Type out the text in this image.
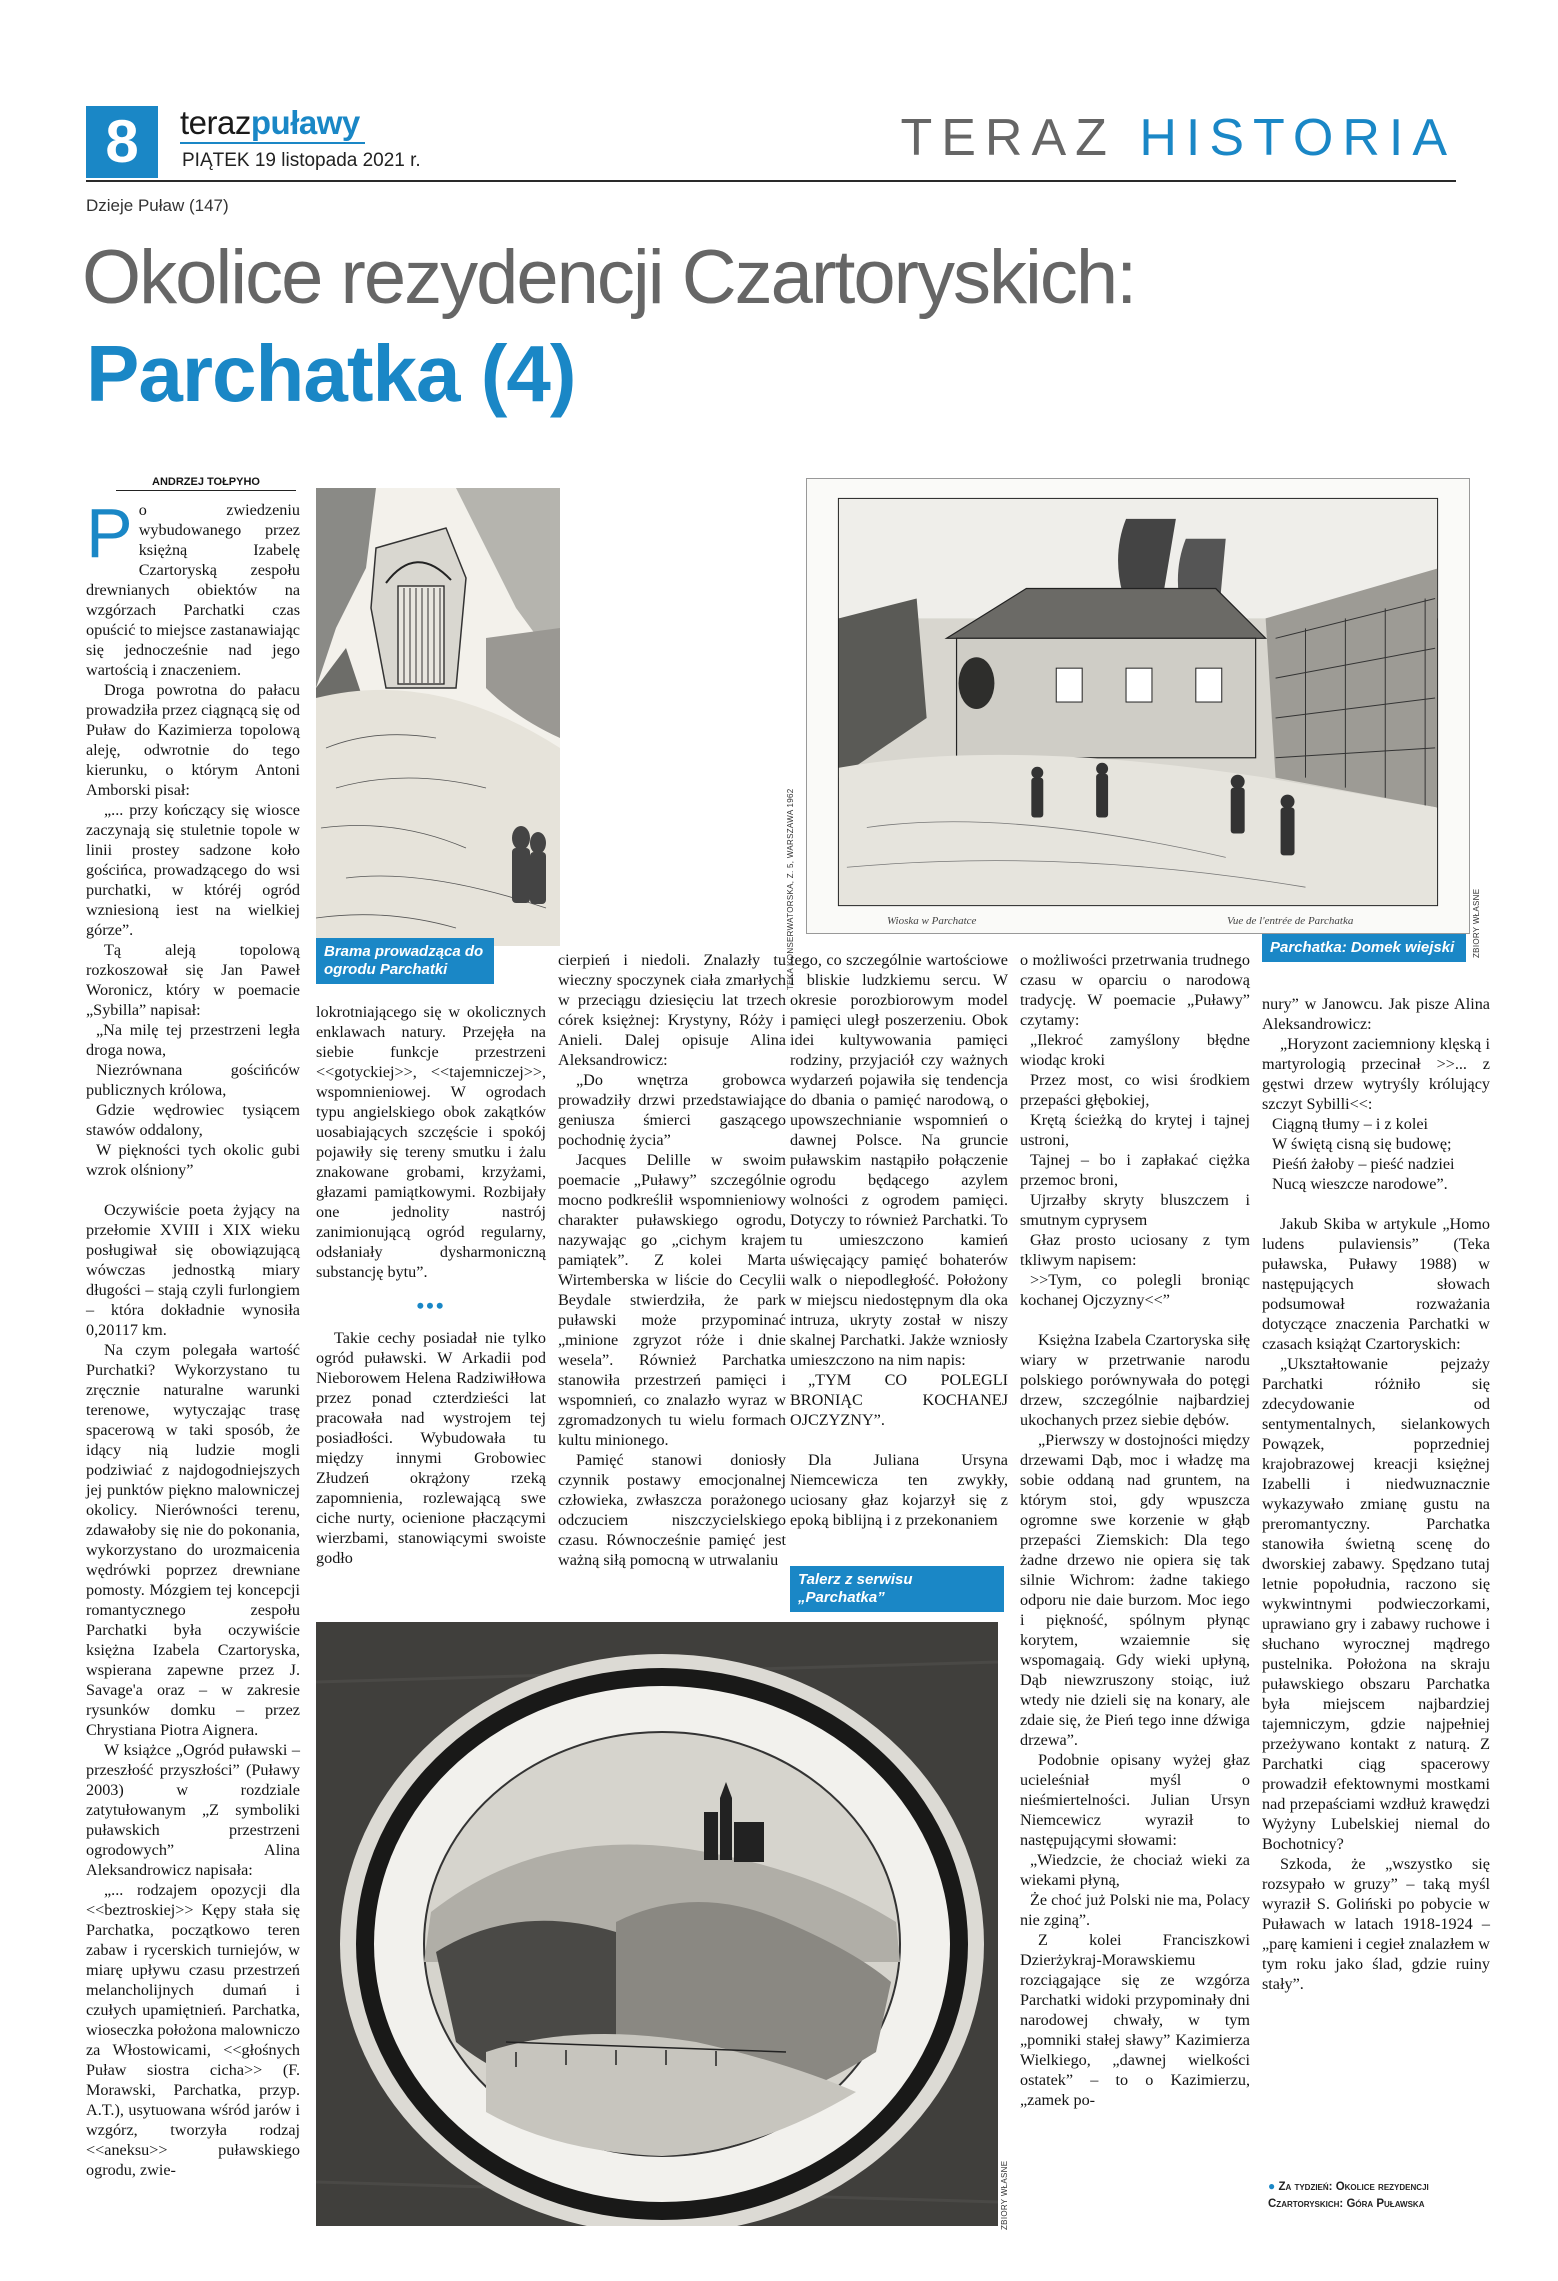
8	terazpuławy
PIĄTEK 19 listopada 2021 r.	TERAZ HISTORIA
Dzieje Puław (147)
Okolice rezydencji Czartoryskich:
Parchatka (4)
Brama prowadząca do ogrodu Parchatki
Wioska w Parchatce	Vue de l'entrée de Parchatka
TEKA KONSERWATORSKA, Z. 5, WARSZAWA 1962	ZBIORY WŁASNE
Parchatka: Domek wiejski
Talerz z serwisu „Parchatka”
ZBIORY WŁASNE
ANDRZEJ TOŁPYHO

Po zwiedzeniu wybudowanego przez księżną Izabelę Czartoryską zespołu drewnianych obiektów na wzgórzach Parchatki czas opuścić to miejsce zastanawiając się jednocześnie nad jego wartością i znaczeniem.

Droga powrotna do pałacu prowadziła przez ciągnącą się od Puław do Kazimierza topolową aleję, odwrotnie do tego kierunku, o którym Antoni Amborski pisał:

„... przy kończący się wiosce zaczynają się stuletnie topole w linii prostey sadzone koło gościńca, prowadzącego do wsi purchatki, w któréj ogród wzniesioną iest na wielkiej górze”.

Tą aleją topolową rozkoszował się Jan Paweł Woronicz, który w poemacie „Sybilla” napisał:

„Na milę tej przestrzeni legła droga nowa,

Niezrównana gościńców publicznych królowa,

Gdzie wędrowiec tysiącem stawów oddalony,

W piękności tych okolic gubi wzrok olśniony”

Oczywiście poeta żyjący na przełomie XVIII i XIX wieku posługiwał się obowiązującą wówczas jednostką miary długości – stają czyli furlongiem – która dokładnie wynosiła 0,20117 km.

Na czym polegała wartość Purchatki? Wykorzystano tu zręcznie naturalne warunki terenowe, wytyczając trasę spacerową w taki sposób, że idący nią ludzie mogli podziwiać z najdogodniejszych jej punktów piękno malowniczej okolicy. Nierówności terenu, zdawałoby się nie do pokonania, wykorzystano do urozmaicenia wędrówki poprzez drewniane pomosty. Mózgiem tej koncepcji romantycznego zespołu Parchatki była oczywiście księżna Izabela Czartoryska, wspierana zapewne przez J. Savage'a oraz – w zakresie rysunków domku – przez Chrystiana Piotra Aignera.

W książce „Ogród puławski – przeszłość przyszłości” (Puławy 2003) w rozdziale zatytułowanym „Z symboliki puławskich przestrzeni ogrodowych” Alina Aleksandrowicz napisała:

„... rodzajem opozycji dla <<beztroskiej>> Kępy stała się Parchatka, początkowo teren zabaw i rycerskich turniejów, w miarę upływu czasu przestrzeń melancholijnych dumań i czułych upamiętnień. Parchatka, wioseczka położona malowniczo za Włostowicami, <<głośnych Puław siostra cicha>> (F. Morawski, Parchatka, przyp. A.T.), usytuowana wśród jarów i wzgórz, tworzyła rodzaj <<aneksu>> puławskiego ogrodu, zwie-

lokrotniającego się w okolicznych enklawach natury. Przejęła na siebie funkcje przestrzeni <<gotyckiej>>, <<tajemniczej>>, wspomnieniowej. W ogrodach typu angielskiego obok zakątków uosabiających szczęście i spokój pojawiły się tereny smutku i żalu znakowane grobami, krzyżami, głazami pamiątkowymi. Rozbijały one jednolity nastrój zanimionującą ogród regularny, odsłaniały dysharmoniczną substancję bytu”.

•••

Takie cechy posiadał nie tylko ogród puławski. W Arkadii pod Nieborowem Helena Radziwiłłowa przez ponad czterdzieści lat pracowała nad wystrojem tej posiadłości. Wybudowała tu między innymi Grobowiec Złudzeń okrążony rzeką zapomnienia, rozlewającą swe ciche nurty, ocienione płaczącymi wierzbami, stanowiącymi swoiste godło

cierpień i niedoli. Znalazły tu wieczny spoczynek ciała zmarłych w przeciągu dziesięciu lat trzech córek księżnej: Krystyny, Róży i Anieli. Dalej opisuje Alina Aleksandrowicz:

„Do wnętrza grobowca prowadziły drzwi przedstawiające geniusza śmierci gaszącego pochodnię życia”

Jacques Delille w swoim poemacie „Puławy” szczególnie mocno podkreślił wspomnieniowy charakter puławskiego ogrodu, nazywając go „cichym krajem pamiątek”. Z kolei Marta Wirtemberska w liście do Cecylii Beydale stwierdziła, że park puławski może przypominać „minione zgryzot róże i dnie wesela”. Również Parchatka stanowiła przestrzeń pamięci i wspomnień, co znalazło wyraz w zgromadzonych tu wielu formach kultu minionego.

Pamięć stanowi doniosły czynnik postawy emocjonalnej człowieka, zwłaszcza porażonego odczuciem niszczycielskiego czasu. Równocześnie pamięć jest ważną siłą pomocną w utrwalaniu

tego, co szczególnie wartościowe i bliskie ludzkiemu sercu. W okresie porozbiorowym model pamięci uległ poszerzeniu. Obok idei kultywowania pamięci rodziny, przyjaciół czy ważnych wydarzeń pojawiła się tendencja do dbania o pamięć narodową, o upowszechnianie wspomnień o dawnej Polsce. Na gruncie puławskim nastąpiło połączenie ogrodu będącego azylem wolności z ogrodem pamięci. Dotyczy to również Parchatki. To tu umieszczono kamień uświęcający pamięć bohaterów walk o niepodległość. Położony w miejscu niedostępnym dla oka intruza, ukryty został w niszy skalnej Parchatki. Jakże wzniosły umieszczono na nim napis:

„TYM CO POLEGLI BRONIĄC KOCHANEJ OJCZYZNY”.

Dla Juliana Ursyna Niemcewicza ten zwykły, uciosany głaz kojarzył się z epoką biblijną i z przekonaniem

o możliwości przetrwania trudnego czasu w oparciu o narodową tradycję. W poemacie „Puławy” czytamy:

„Ilekroć zamyślony błędne wiodąc kroki

Przez most, co wisi środkiem przepaści głębokiej,

Krętą ścieżką do krytej i tajnej ustroni,

Tajnej – bo i zapłakać ciężka przemoc broni,

Ujrzałby skryty bluszczem i smutnym cyprysem

Głaz prosto uciosany z tym tkliwym napisem:

>>Tym, co polegli broniąc kochanej Ojczyzny<<”

Księżna Izabela Czartoryska siłę wiary w przetrwanie narodu polskiego porównywała do potęgi drzew, szczególnie najbardziej ukochanych przez siebie dębów.

„Pierwszy w dostojności między drzewami Dąb, moc i władzę ma sobie oddaną nad gruntem, na którym stoi, gdy wpuszcza ogromne swe korzenie w głąb przepaści Ziemskich: Dla tego żadne drzewo nie opiera się tak silnie Wichrom: żadne takiego odporu nie daie burzom. Moc iego i piękność, spólnym płynąc korytem, wzaiemnie się wspomagaią. Gdy wieki upłyną, Dąb niewzruszony stoiąc, iuż wtedy nie dzieli się na konary, ale zdaie się, że Pień tego inne dźwiga drzewa”.

Podobnie opisany wyżej głaz ucieleśniał myśl o nieśmiertelności. Julian Ursyn Niemcewicz wyraził to następującymi słowami:

„Wiedzcie, że chociaż wieki za wiekami płyną,

Że choć już Polski nie ma, Polacy nie zginą”.

Z kolei Franciszkowi Dzierżykraj-Morawskiemu rozciągające się ze wzgórza Parchatki widoki przypominały dni narodowej chwały, w tym „pomniki stałej sławy” Kazimierza Wielkiego, „dawnej wielkości ostatek” – to o Kazimierzu, „zamek po-

nury” w Janowcu. Jak pisze Alina Aleksandrowicz:

„Horyzont zaciemniony klęską i martyrologią przecinał >>... z gęstwi drzew wytryśly królujący szczyt Sybilli<<:

Ciągną tłumy – i z kolei

W świętą cisną się budowę;

Pieśń żałoby – pieść nadziei

Nucą wieszcze narodowe”.

Jakub Skiba w artykule „Homo ludens pulaviensis” (Teka puławska, Puławy 1988) w następujących słowach podsumował rozważania dotyczące znaczenia Parchatki w czasach książąt Czartoryskich:

„Ukształtowanie pejzaży Parchatki różniło się zdecydowanie od sentymentalnych, sielankowych Powązek, poprzedniej krajobrazowej kreacji księżnej Izabelli i niedwuznacznie wykazywało zmianę gustu na preromantyczny. Parchatka stanowiła świetną scenę do dworskiej zabawy. Spędzano tutaj letnie popołudnia, raczono się wykwintnymi podwieczorkami, uprawiano gry i zabawy ruchowe i słuchano wyrocznej mądrego pustelnika. Położona na skraju puławskiego obszaru Parchatka była miejscem najbardziej tajemniczym, gdzie najpełniej przeżywano kontakt z naturą. Z Parchatki ciąg spacerowy prowadził efektownymi mostkami nad przepaściami wzdłuż krawędzi Wyżyny Lubelskiej niemal do Bochotnicy?

Szkoda, że „wszystko się rozsypało w gruzy” – taką myśl wyraził S. Goliński po pobycie w Puławach w latach 1918-1924 – „parę kamieni i cegieł znalazłem w tym roku jako ślad, gdzie ruiny stały”.

● Za tydzień: Okolice rezydencji Czartoryskich: Góra Puławska
